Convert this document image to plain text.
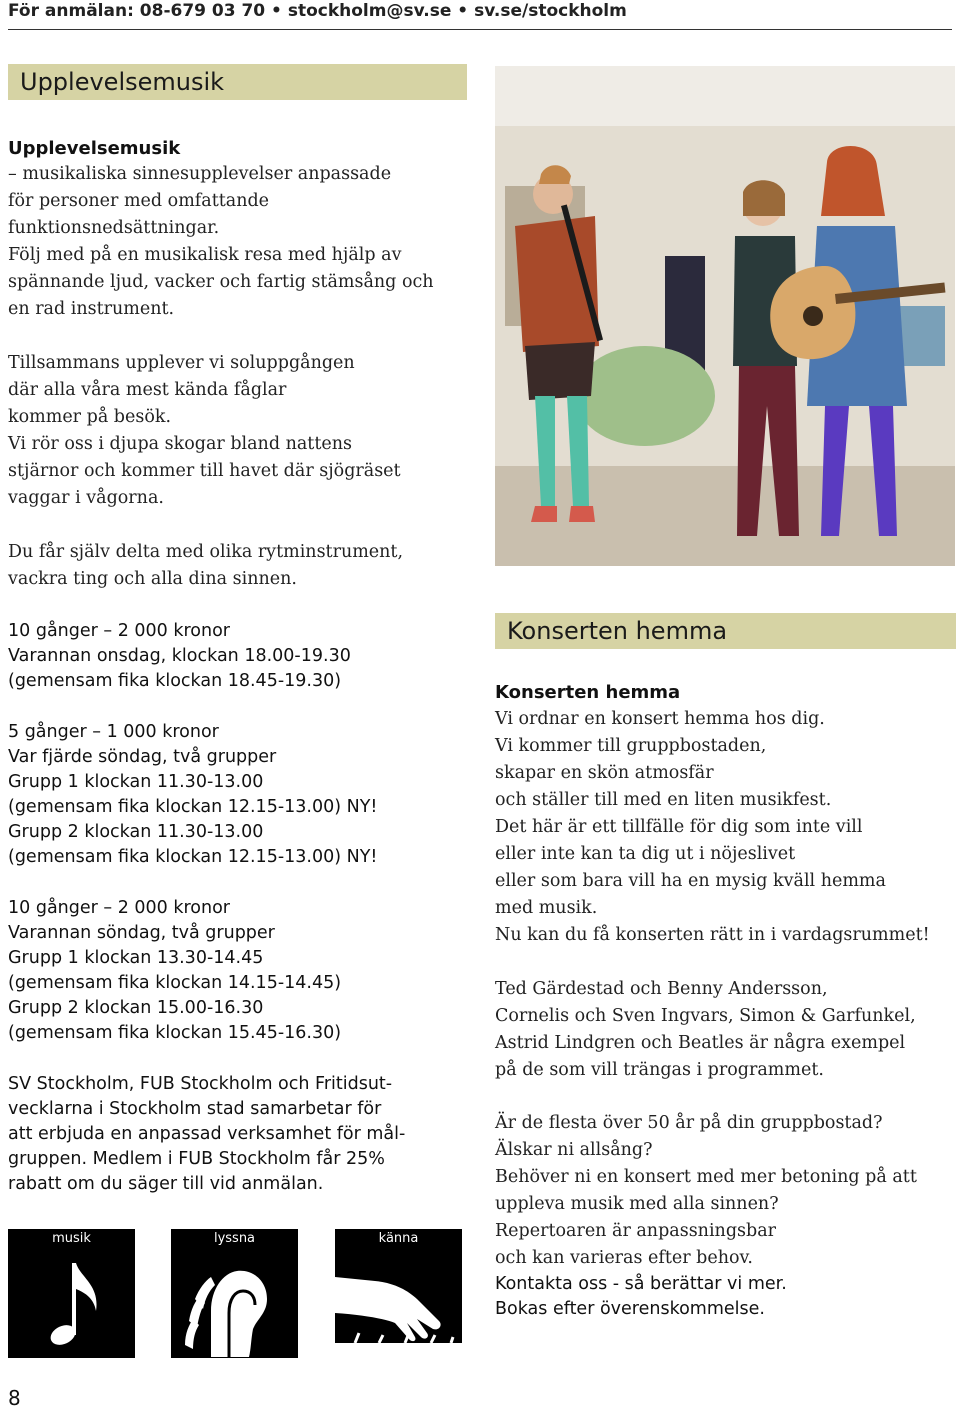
För anmälan: 08-679 03 70 • stockholm@sv.se • sv.se/stockholm
Upplevelsemusik
Upplevelsemusik
– musikaliska sinnesupplevelser anpassade
för personer med omfattande
funktionsnedsättningar.
Följ med på en musikalisk resa med hjälp av
spännande ljud, vacker och fartig stämsång och
en rad instrument.
Tillsammans upplever vi soluppgången
där alla våra mest kända fåglar
kommer på besök.
Vi rör oss i djupa skogar bland nattens
stjärnor och kommer till havet där sjögräset
vaggar i vågorna.
Du får själv delta med olika rytminstrument,
vackra ting och alla dina sinnen.
10 gånger – 2 000 kronor
Varannan onsdag, klockan 18.00-19.30
(gemensam fika klockan 18.45-19.30)
5 gånger – 1 000 kronor
Var fjärde söndag, två grupper
Grupp 1 klockan 11.30-13.00
(gemensam fika klockan 12.15-13.00) NY!
Grupp 2 klockan 11.30-13.00
(gemensam fika klockan 12.15-13.00) NY!
10 gånger – 2 000 kronor
Varannan söndag, två grupper
Grupp 1 klockan 13.30-14.45
(gemensam fika klockan 14.15-14.45)
Grupp 2 klockan 15.00-16.30
(gemensam fika klockan 15.45-16.30)
SV Stockholm, FUB Stockholm och Fritidsut-
vecklarna i Stockholm stad samarbetar för
att erbjuda en anpassad verksamhet för mål-
gruppen. Medlem i FUB Stockholm får 25%
rabatt om du säger till vid anmälan.
musik	lyssna	känna
Konserten hemma
Konserten hemma
Vi ordnar en konsert hemma hos dig.
Vi kommer till gruppbostaden,
skapar en skön atmosfär
och ställer till med en liten musikfest.
Det här är ett tillfälle för dig som inte vill
eller inte kan ta dig ut i nöjeslivet
eller som bara vill ha en mysig kväll hemma
med musik.
Nu kan du få konserten rätt in i vardagsrummet!
Ted Gärdestad och Benny Andersson,
Cornelis och Sven Ingvars, Simon & Garfunkel,
Astrid Lindgren och Beatles är några exempel
på de som vill trängas i programmet.
Är de flesta över 50 år på din gruppbostad?
Älskar ni allsång?
Behöver ni en konsert med mer betoning på att
uppleva musik med alla sinnen?
Repertoaren är anpassningsbar
och kan varieras efter behov.
Kontakta oss - så berättar vi mer.
Bokas efter överenskommelse.
8
